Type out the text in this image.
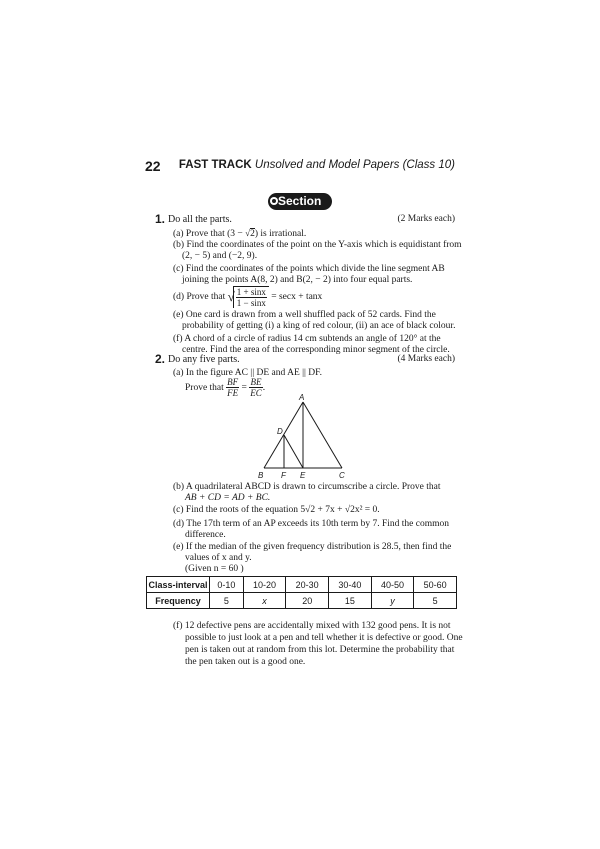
22 FAST TRACK Unsolved and Model Papers (Class 10)
Section B
1. Do all the parts.	(2 Marks each)
(a) Prove that (3 − √2) is irrational.
(b) Find the coordinates of the point on the Y-axis which is equidistant from
(2, − 5) and (−2, 9).
(c) Find the coordinates of the points which divide the line segment AB
joining the points A(8, 2) and B(2, − 2) into four equal parts.
(d) Prove that √ $\frac{1 + \sin x}{1 - \sin x} = \sec x + \tan x$
(e) One card is drawn from a well shuffled pack of 52 cards. Find the
probability of getting (i) a king of red colour, (ii) an ace of black colour.
(f) A chord of a circle of radius 14 cm subtends an angle of 120° at the
centre. Find the area of the corresponding minor segment of the circle.
2. Do any five parts.	(4 Marks each)
(a) In the figure AC || DE and AE || DF.
Prove that $\frac{BF}{FE} = \frac{BE}{EC}$ .
A
D
B F E	C
(b) A quadrilateral ABCD is drawn to circumscribe a circle. Prove that
AB + CD = AD + BC.
(c) Find the roots of the equation 5√2 + 7x + √2x² = 0.
(d) The 17th term of an AP exceeds its 10th term by 7. Find the common
difference.
(e) If the median of the given frequency distribution is 28.5, then find the
values of x and y.
(Given n = 60 )
Class-interval	0-10	10-20	20-30	30-40	40-50	50-60
Frequency	5	x	20	15	y	5
(f) 12 defective pens are accidentally mixed with 132 good pens. It is not
possible to just look at a pen and tell whether it is defective or good. One
pen is taken out at random from this lot. Determine the probability that
the pen taken out is a good one.
